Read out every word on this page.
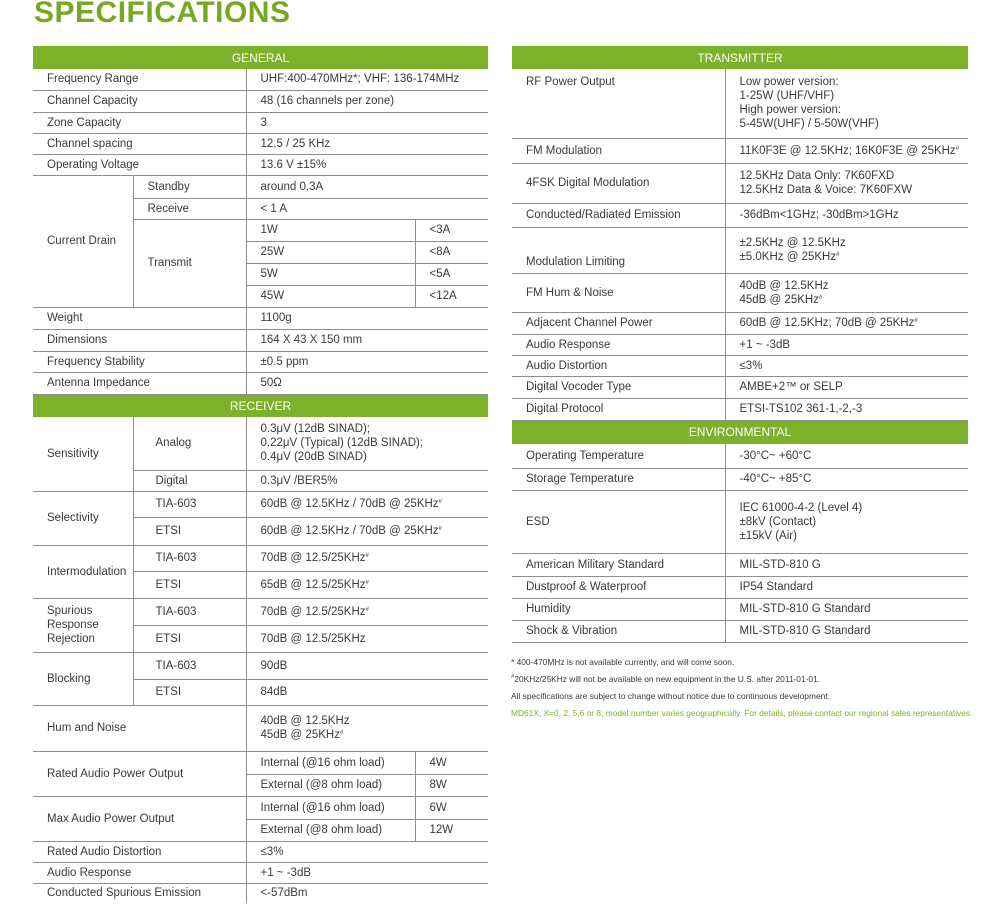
SPECIFICATIONS
GENERAL			
Frequency Range		UHF:400-470MHz*; VHF: 136-174MHz	
Channel Capacity		48 (16 channels per zone)	
Zone Capacity		3	
Channel spacing		12.5 / 25 KHz	
Operating Voltage		13.6 V ±15%	
Current Drain	Standby	around 0.3A	
	Receive	< 1 A	
	Transmit	1W	<3A
		25W	<8A
		5W	<5A
		45W	<12A
Weight		1100g	
Dimensions		164 X 43 X 150 mm	
Frequency Stability		±0.5 ppm	
Antenna Impedance		50Ω	
RECEIVER			
Sensitivity	Analog	0.3μV (12dB SINAD);
0.22μV (Typical) (12dB SINAD);
0.4μV (20dB SINAD)	

	Digital	0.3μV /BER5%	
Selectivity	TIA-603	60dB @ 12.5KHz / 70dB @ 25KHz#
	ETSI	60dB @ 12.5KHz / 70dB @ 25KHz#
Intermodulation	TIA-603	70dB @ 12.5/25KHz#
	ETSI	65dB @ 12.5/25KHz#

Spurious
Response
Rejection	TIA-603	70dB @ 12.5/25KHz#
	ETSI	70dB @ 12.5/25KHz	
Blocking	TIA-603	90dB	
	ETSI	84dB	
Hum and Noise		40dB @ 12.5KHz
45dB @ 25KHz#

Rated Audio Power Output		Internal (@16 ohm load)	4W
		External (@8 ohm load)	8W
Max Audio Power Output		Internal (@16 ohm load)	6W
		External (@8 ohm load)	12W
Rated Audio Distortion		≤3%	
Audio Response		+1 ~ -3dB	
Conducted Spurious Emission		<-57dBm	
TRANSMITTER	
RF Power Output	Low power version:
1-25W (UHF/VHF)
High power version:
5-45W(UHF) / 5-50W(VHF)

FM Modulation	11K0F3E @ 12.5KHz; 16K0F3E @ 25KHz#
4FSK Digital Modulation	12.5KHz Data Only: 7K60FXD
12.5KHz Data & Voice: 7K60FXW

Conducted/Radiated Emission	-36dBm<1GHz; -30dBm>1GHz
Modulation Limiting	±2.5KHz @ 12.5KHz
±5.0KHz @ 25KHz#

FM Hum & Noise	40dB @ 12.5KHz
45dB @ 25KHz#

Adjacent Channel Power	60dB @ 12.5KHz; 70dB @ 25KHz#
Audio Response	+1 ~ -3dB
Audio Distortion	≤3%
Digital Vocoder Type	AMBE+2™ or SELP
Digital Protocol	ETSI-TS102 361-1,-2,-3
ENVIRONMENTAL	
Operating Temperature	-30°C~ +60°C
Storage Temperature	-40°C~ +85°C
ESD	IEC 61000-4-2 (Level 4)
±8kV (Contact)
±15kV (Air)

American Military Standard	MIL-STD-810 G
Dustproof & Waterproof	IP54 Standard
Humidity	MIL-STD-810 G Standard
Shock & Vibration	MIL-STD-810 G Standard

* 400-470MHz is not available currently, and will come soon.

#20KHz/25KHz will not be available on new equipment in the U.S. after 2011-01-01.

All specifications are subject to change without notice due to continuous development.

MD61X, X=0, 2, 5,6 or 8, model number varies geographically. For details, please contact our regional sales representatives.
